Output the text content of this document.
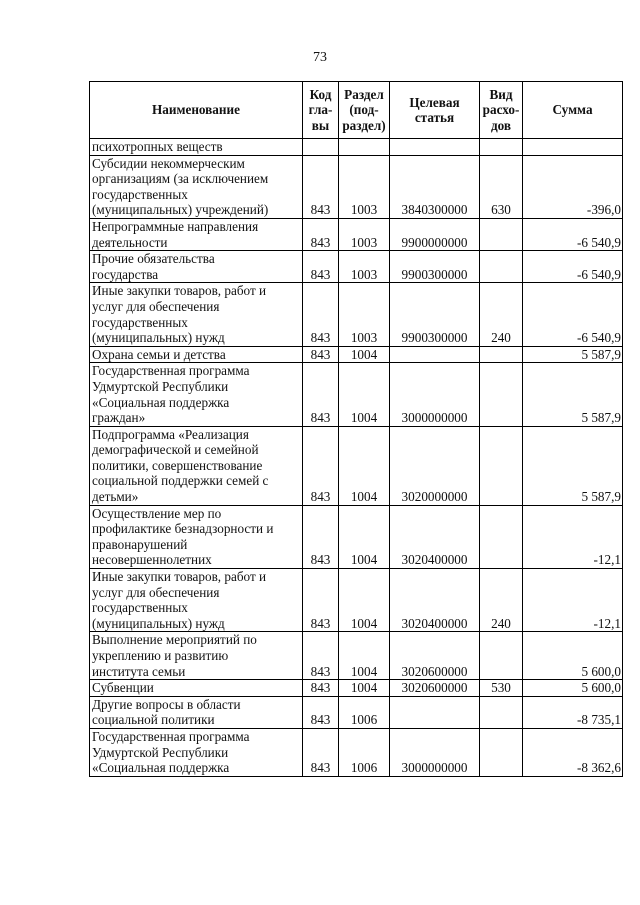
73
Наименование	Код
гла-
вы	Раздел
(под-
раздел)	Целевая
статья	Вид
расхо-
дов	Сумма
психотропных веществ					
Субсидии некоммерческим
организациям (за исключением
государственных
(муниципальных) учреждений)	843	1003	3840300000	630	-396,0
Непрограммные направления
деятельности	843	1003	9900000000		-6 540,9
Прочие обязательства
государства	843	1003	9900300000		-6 540,9
Иные закупки товаров, работ и
услуг для обеспечения
государственных
(муниципальных) нужд	843	1003	9900300000	240	-6 540,9
Охрана семьи и детства	843	1004			5 587,9
Государственная программа
Удмуртской Республики
«Социальная поддержка
граждан»	843	1004	3000000000		5 587,9
Подпрограмма «Реализация
демографической и семейной
политики, совершенствование
социальной поддержки семей с
детьми»	843	1004	3020000000		5 587,9
Осуществление мер по
профилактике безнадзорности и
правонарушений
несовершеннолетних	843	1004	3020400000		-12,1
Иные закупки товаров, работ и
услуг для обеспечения
государственных
(муниципальных) нужд	843	1004	3020400000	240	-12,1
Выполнение мероприятий по
укреплению и развитию
института семьи	843	1004	3020600000		5 600,0
Субвенции	843	1004	3020600000	530	5 600,0
Другие вопросы в области
социальной политики	843	1006			-8 735,1
Государственная программа
Удмуртской Республики
«Социальная поддержка	843	1006	3000000000		-8 362,6
